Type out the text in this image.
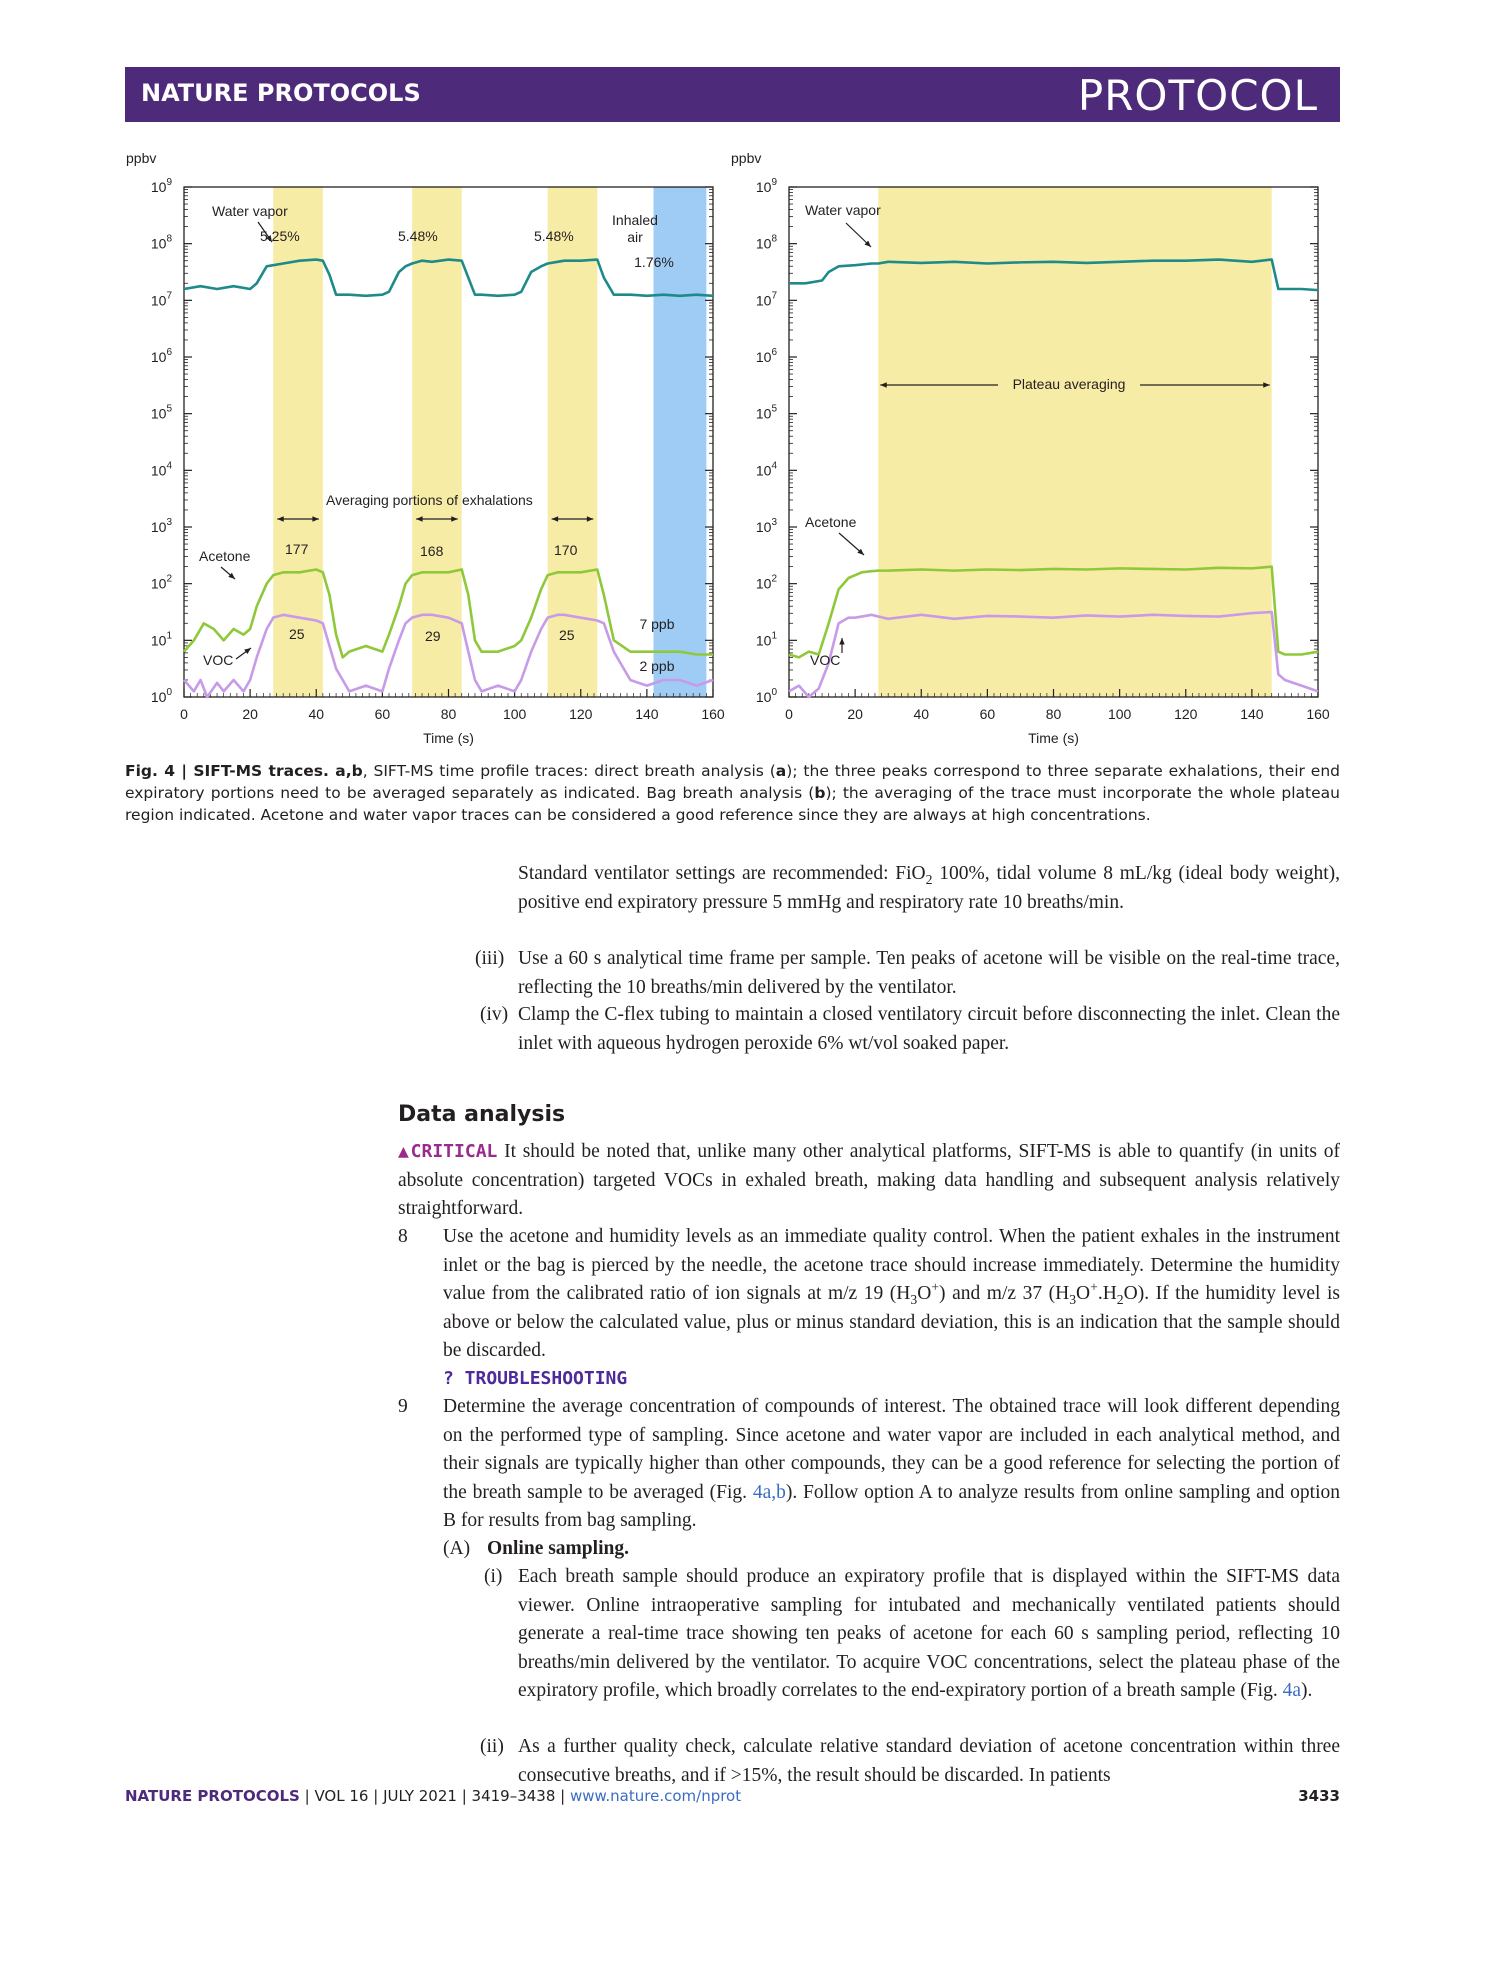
NATURE PROTOCOLS	PROTOCOL
$10^0$
$10^1$
$10^2$
$10^3$
$10^4$
$10^5$
$10^6$
$10^7$
$10^8$
$10^9$
0	20	40	60	80	100	120	140	160
Time (s)
ppbv
Water vapor
5.25%	5.48%	5.48%
Inhaled
air
1.76%
Averaging portions of exhalations
Acetone 177	168	170
25	29	25
VOC
7 ppb
2 ppb
$10^0$
$10^1$
$10^2$
$10^3$
$10^4$
$10^5$
$10^6$
$10^7$
$10^8$
$10^9$
0	20	40	60	80	100	120	140	160
Time (s)
ppbv
Water vapor
Plateau averaging
Acetone
VOC
Fig. 4 | SIFT-MS traces. a,b, SIFT-MS time profile traces: direct breath analysis (a); the three peaks correspond to three separate exhalations, their end expiratory portions need to be averaged separately as indicated. Bag breath analysis (b); the averaging of the trace must incorporate the whole plateau region indicated. Acetone and water vapor traces can be considered a good reference since they are always at high concentrations.
Standard ventilator settings are recommended: FiO$_2$ 100%, tidal volume 8 mL/kg (ideal body weight), positive end expiratory pressure 5 mmHg and respiratory rate 10 breaths/min.
(iii) Use a 60 s analytical time frame per sample. Ten peaks of acetone will be visible on the real-time trace, reflecting the 10 breaths/min delivered by the ventilator.
(iv) Clamp the C-flex tubing to maintain a closed ventilatory circuit before disconnecting the inlet. Clean the inlet with aqueous hydrogen peroxide 6% wt/vol soaked paper.
Data analysis
▲CRITICAL It should be noted that, unlike many other analytical platforms, SIFT-MS is able to quantify (in units of absolute concentration) targeted VOCs in exhaled breath, making data handling and subsequent analysis relatively straightforward.
8	Use the acetone and humidity levels as an immediate quality control. When the patient exhales in the instrument inlet or the bag is pierced by the needle, the acetone trace should increase immediately. Determine the humidity value from the calibrated ratio of ion signals at m/z 19 $(H_3O^+)$ and m/z 37 $(H_3O^+.H_2O)$. If the humidity level is above or below the calculated value, plus or minus standard deviation, this is an indication that the sample should be discarded.
? TROUBLESHOOTING
9	Determine the average concentration of compounds of interest. The obtained trace will look different depending on the performed type of sampling. Since acetone and water vapor are included in each analytical method, and their signals are typically higher than other compounds, they can be a good reference for selecting the portion of the breath sample to be averaged (Fig. 4a,b). Follow option A to analyze results from online sampling and option B for results from bag sampling.
(A) Online sampling.
(i) Each breath sample should produce an expiratory profile that is displayed within the SIFT-MS data viewer. Online intraoperative sampling for intubated and mechanically ventilated patients should generate a real-time trace showing ten peaks of acetone for each 60 s sampling period, reflecting 10 breaths/min delivered by the ventilator. To acquire VOC concentrations, select the plateau phase of the expiratory profile, which broadly correlates to the end-expiratory portion of a breath sample (Fig. 4a).
(ii) As a further quality check, calculate relative standard deviation of acetone concentration within three consecutive breaths, and if >15%, the result should be discarded. In patients
NATURE PROTOCOLS | VOL 16 | JULY 2021 | 3419–3438 | www.nature.com/nprot	3433
